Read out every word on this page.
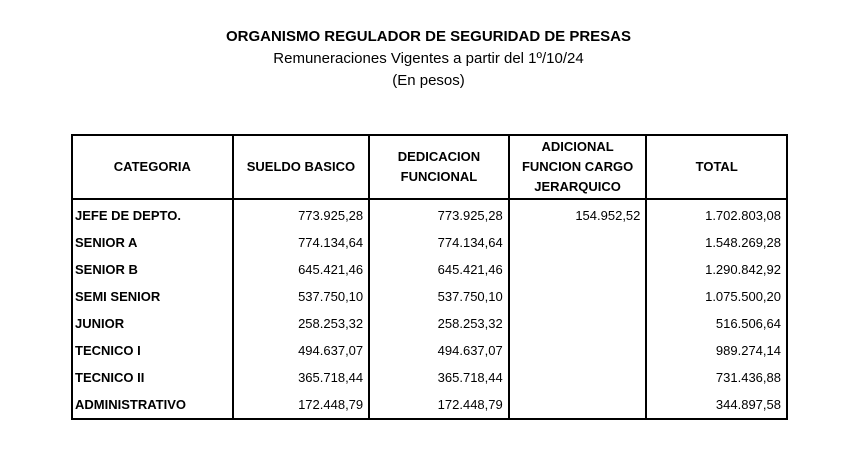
ORGANISMO REGULADOR DE SEGURIDAD DE PRESAS
Remuneraciones Vigentes a partir del 1º/10/24
(En pesos)
CATEGORIA	SUELDO BASICO	DEDICACION FUNCIONAL	ADICIONAL FUNCION CARGO JERARQUICO	TOTAL
JEFE DE DEPTO.	773.925,28	773.925,28	154.952,52	1.702.803,08
SENIOR A	774.134,64	774.134,64		1.548.269,28
SENIOR B	645.421,46	645.421,46		1.290.842,92
SEMI SENIOR	537.750,10	537.750,10		1.075.500,20
JUNIOR	258.253,32	258.253,32		516.506,64
TECNICO I	494.637,07	494.637,07		989.274,14
TECNICO II	365.718,44	365.718,44		731.436,88
ADMINISTRATIVO	172.448,79	172.448,79		344.897,58
